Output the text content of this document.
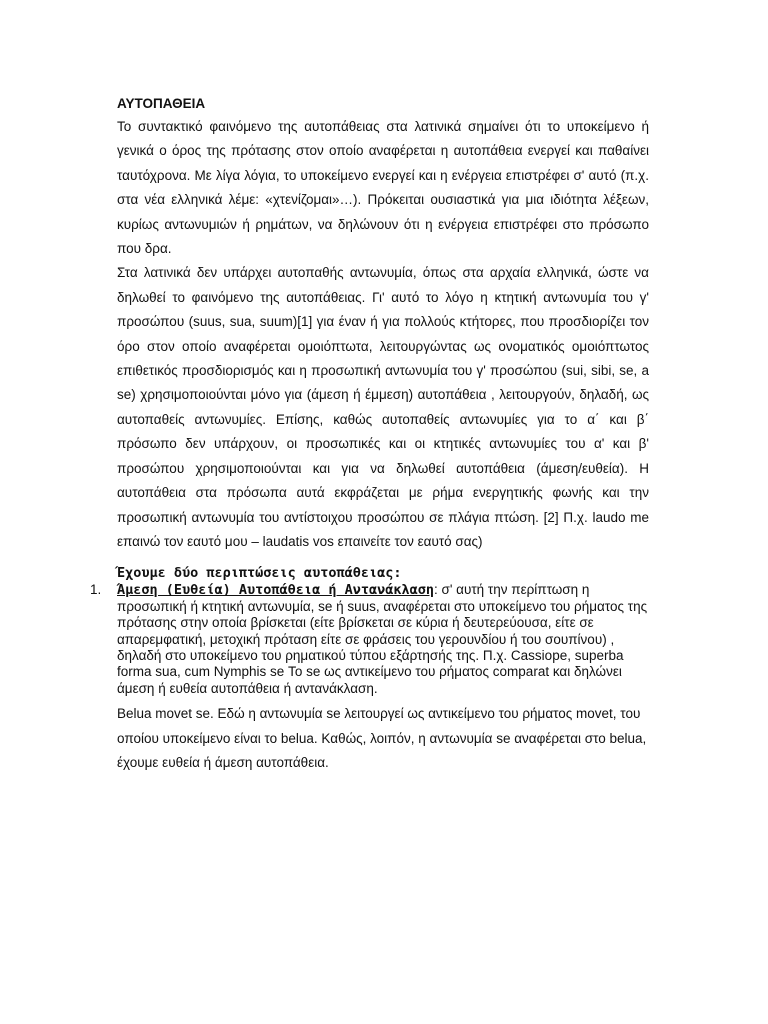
ΑΥΤΟΠΑΘΕΙΑ

Το συντακτικό φαινόμενο της αυτοπάθειας στα λατινικά σημαίνει ότι το υποκείμενο ή γενικά ο όρος της πρότασης στον οποίο αναφέρεται η αυτοπάθεια ενεργεί και παθαίνει ταυτόχρονα. Με λίγα λόγια, το υποκείμενο ενεργεί και η ενέργεια επιστρέφει σ' αυτό (π.χ. στα νέα ελληνικά λέμε: «χτενίζομαι»…). Πρόκειται ουσιαστικά για μια ιδιότητα λέξεων, κυρίως αντωνυμιών ή ρημάτων, να δηλώνουν ότι η ενέργεια επιστρέφει στο πρόσωπο που δρα.

Στα λατινικά δεν υπάρχει αυτοπαθής αντωνυμία, όπως στα αρχαία ελληνικά, ώστε να δηλωθεί το φαινόμενο της αυτοπάθειας. Γι' αυτό το λόγο η κτητική αντωνυμία του γ' προσώπου (suus, sua, suum)[1] για έναν ή για πολλούς κτήτορες, που προσδιορίζει τον όρο στον οποίο αναφέρεται ομοιόπτωτα, λειτουργώντας ως ονοματικός ομοιόπτωτος επιθετικός προσδιορισμός και η προσωπική αντωνυμία του γ' προσώπου (sui, sibi, se, a se) χρησιμοποιούνται μόνο για (άμεση ή έμμεση) αυτοπάθεια , λειτουργούν, δηλαδή, ως αυτοπαθείς αντωνυμίες. Επίσης, καθώς αυτοπαθείς αντωνυμίες για το α΄ και β΄ πρόσωπο δεν υπάρχουν, οι προσωπικές και οι κτητικές αντωνυμίες του α' και β' προσώπου χρησιμοποιούνται και για να δηλωθεί αυτοπάθεια (άμεση/ευθεία). Η αυτοπάθεια στα πρόσωπα αυτά εκφράζεται με ρήμα ενεργητικής φωνής και την προσωπική αντωνυμία του αντίστοιχου προσώπου σε πλάγια πτώση. [2] Π.χ. laudo me επαινώ τον εαυτό μου – laudatis vos επαινείτε τον εαυτό σας)

Έχουμε δύο περιπτώσεις αυτοπάθειας:
1. Άμεση (Ευθεία) Αυτοπάθεια ή Αντανάκλαση: σ' αυτή την περίπτωση η προσωπική ή κτητική αντωνυμία, se ή suus, αναφέρεται στο υποκείμενο του ρήματος της πρότασης στην οποία βρίσκεται (είτε βρίσκεται σε κύρια ή δευτερεύουσα, είτε σε απαρεμφατική, μετοχική πρόταση είτε σε φράσεις του γερουνδίου ή του σουπίνου) , δηλαδή στο υποκείμενο του ρηματικού τύπου εξάρτησής της. Π.χ. Cassiope, superba forma sua, cum Nymphis se Το se ως αντικείμενο του ρήματος comparat και δηλώνει άμεση ή ευθεία αυτοπάθεια ή αντανάκλαση.

Belua movet se. Εδώ η αντωνυμία se λειτουργεί ως αντικείμενο του ρήματος movet, του οποίου υποκείμενο είναι το belua. Καθώς, λοιπόν, η αντωνυμία se αναφέρεται στο belua, έχουμε ευθεία ή άμεση αυτοπάθεια.
